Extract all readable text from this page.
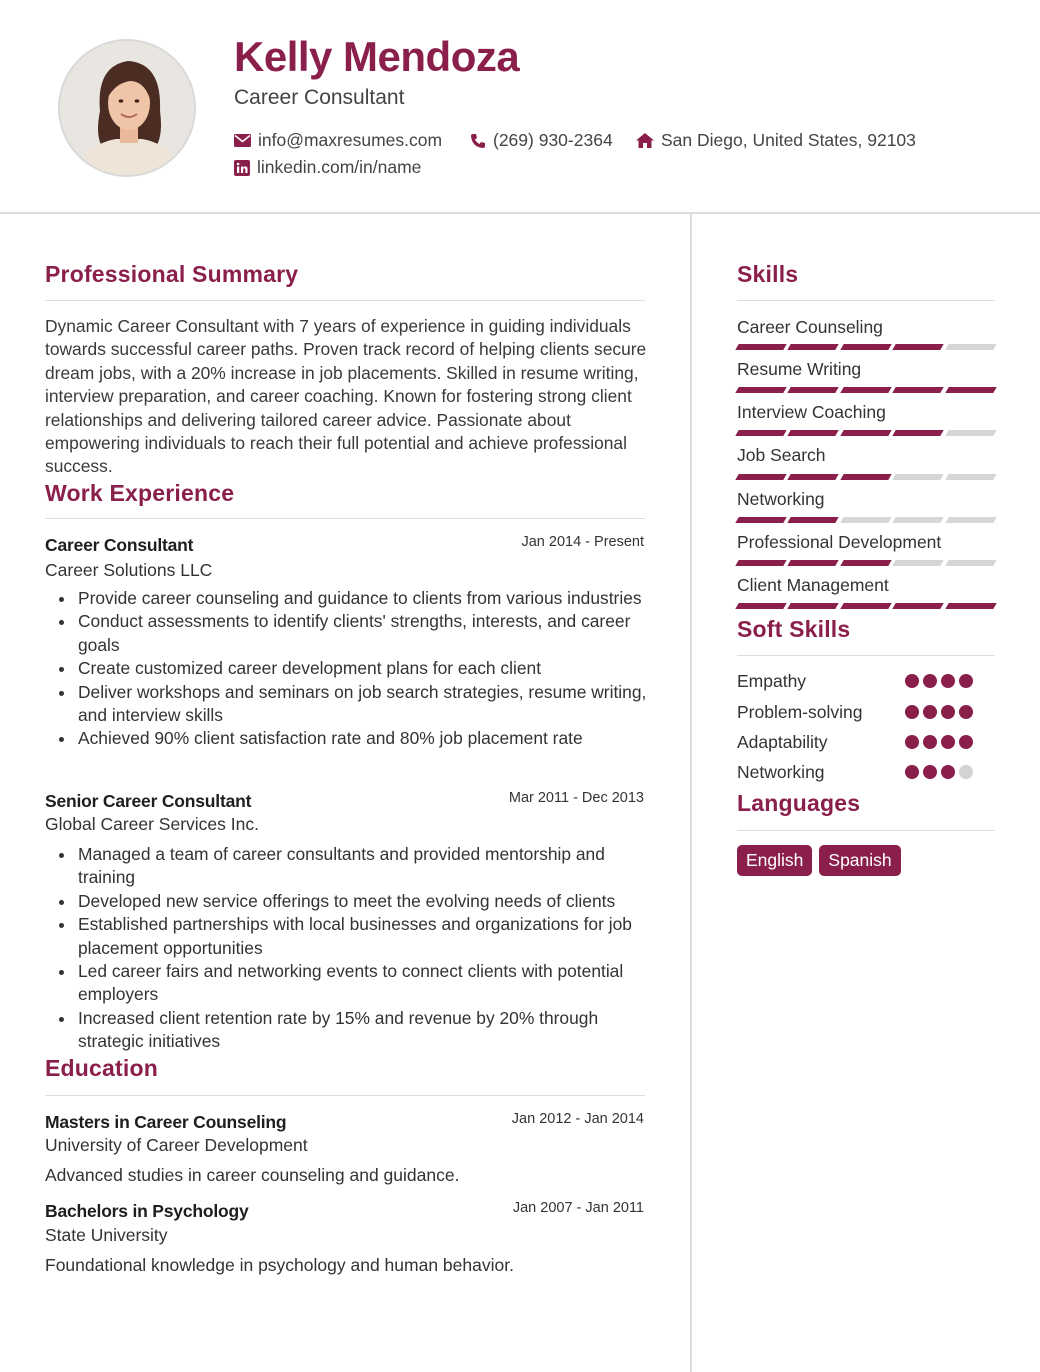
Kelly Mendoza
Career Consultant
info@maxresumes.com	(269) 930-2364	San Diego, United States, 92103
linkedin.com/in/name
Professional Summary
Dynamic Career Consultant with 7 years of experience in guiding individuals towards successful career paths. Proven track record of helping clients secure dream jobs, with a 20% increase in job placements. Skilled in resume writing, interview preparation, and career coaching. Known for fostering strong client relationships and delivering tailored career advice. Passionate about empowering individuals to reach their full potential and achieve professional success.
Work Experience
Career Consultant	Jan 2014 - Present
Career Solutions LLC
Provide career counseling and guidance to clients from various industries
Conduct assessments to identify clients' strengths, interests, and career goals
Create customized career development plans for each client
Deliver workshops and seminars on job search strategies, resume writing, and interview skills
Achieved 90% client satisfaction rate and 80% job placement rate
Senior Career Consultant	Mar 2011 - Dec 2013
Global Career Services Inc.
Managed a team of career consultants and provided mentorship and training
Developed new service offerings to meet the evolving needs of clients
Established partnerships with local businesses and organizations for job placement opportunities
Led career fairs and networking events to connect clients with potential employers
Increased client retention rate by 15% and revenue by 20% through strategic initiatives
Education
Masters in Career Counseling	Jan 2012 - Jan 2014
University of Career Development
Advanced studies in career counseling and guidance.
Bachelors in Psychology	Jan 2007 - Jan 2011
State University
Foundational knowledge in psychology and human behavior.
Skills
Career Counseling
Resume Writing
Interview Coaching
Job Search
Networking
Professional Development
Client Management
Soft Skills
Empathy
Problem-solving
Adaptability
Networking
Languages
English	Spanish
